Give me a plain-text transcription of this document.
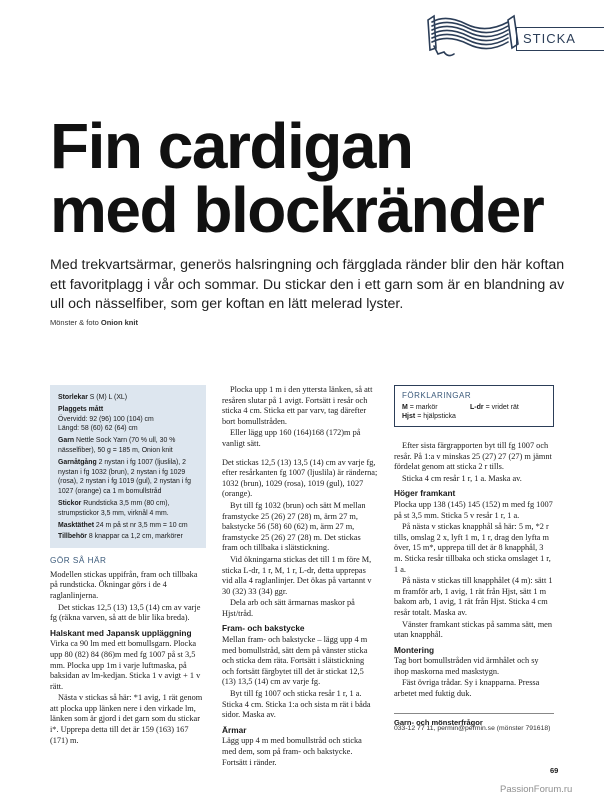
STICKA
Fin cardigan
med blockränder
Med trekvartsärmar, generös halsringning och färgglada ränder blir den här koftan ett favoritplagg i vår och sommar. Du stickar den i ett garn som är en blandning av ull och nässelfiber, som ger koftan en lätt melerad lyster.
Mönster & foto Onion knit
Storlekar S (M) L (XL)
Plaggets mått
Övervidd: 92 (96) 100 (104) cm
Längd: 58 (60) 62 (64) cm
Garn Nettle Sock Yarn (70 % ull, 30 % nässelfiber), 50 g = 185 m, Onion knit
Garnåtgång 2 nystan i fg 1007 (ljuslila), 2 nystan i fg 1032 (brun), 2 nystan i fg 1029 (rosa), 2 nystan i fg 1019 (gul), 2 nystan i fg 1027 (orange) ca 1 m bomullstråd
Stickor Rundsticka 3,5 mm (80 cm), strumpstickor 3,5 mm, virknål 4 mm.
Masktäthet 24 m på st nr 3,5 mm = 10 cm
Tillbehör 8 knappar ca 1,2 cm, markörer
GÖR SÅ HÄR

Modellen stickas uppifrån, fram och tillbaka på rundsticka. Ökningar görs i de 4 raglanlinjerna.

Det stickas 12,5 (13) 13,5 (14) cm av varje fg (räkna varven, så att de blir lika breda).

Halskant med Japansk uppläggning

Virka ca 90 lm med ett bomullsgarn. Plocka upp 80 (82) 84 (86)m med fg 1007 på st 3,5 mm. Plocka upp 1m i varje luftmaska, på baksidan av lm-kedjan. Sticka 1 v avigt + 1 v rätt.

Nästa v stickas så här: *1 avig, 1 rät genom att plocka upp länken nere i den virkade lm, länken som är gjord i det garn som du stickar i*. Upprepa detta till det är 159 (163) 167 (171) m.

Plocka upp 1 m i den yttersta länken, så att resåren slutar på 1 avigt. Fortsätt i resår och sticka 4 cm. Sticka ett par varv, tag därefter bort bomullstråden.

Eller lägg upp 160 (164)168 (172)m på vanligt sätt.

Det stickas 12,5 (13) 13,5 (14) cm av varje fg, efter resårkanten fg 1007 (ljuslila) är ränderna; 1032 (brun), 1029 (rosa), 1019 (gul), 1027 (orange).

Byt till fg 1032 (brun) och sätt M mellan framstycke 25 (26) 27 (28) m, ärm 27 m, bakstycke 56 (58) 60 (62) m, ärm 27 m, framstycke 25 (26) 27 (28) m. Det stickas fram och tillbaka i slätstickning.

Vid ökningarna stickas det till 1 m före M, sticka L-dr, 1 r, M, 1 r, L-dr, detta upprepas vid alla 4 raglanlinjer. Det ökas på vartannt v 30 (32) 33 (34) ggr.

Dela arb och sätt ärmarnas maskor på Hjst/tråd.

Fram- och bakstycke

Mellan fram- och bakstycke – lägg upp 4 m med bomullstråd, sätt dem på vänster sticka och sticka dem räta. Fortsätt i slätstickning och fortsätt färgbytet till det är stickat 12,5 (13) 13,5 (14) cm av varje fg.

Byt till fg 1007 och sticka resår 1 r, 1 a. Sticka 4 cm. Sticka 1:a och sista m rät i båda sidor. Maska av.

Ärmar

Lägg upp 4 m med bomullstråd och sticka med dem, som på fram- och bakstycke. Fortsätt i ränder.

FÖRKLARINGAR
M = markör	L-dr = vridet rät
Hjst = hjälpsticka

Efter sista färgrapporten byt till fg 1007 och resår. På 1:a v minskas 25 (27) 27 (27) m jämnt fördelat genom att sticka 2 r tills.

Sticka 4 cm resår 1 r, 1 a. Maska av.

Höger framkant

Plocka upp 138 (145) 145 (152) m med fg 1007 på st 3,5 mm. Sticka 5 v resår 1 r, 1 a.

På nästa v stickas knapphål så här: 5 m, *2 r tills, omslag 2 x, lyft 1 m, 1 r, drag den lyfta m över, 15 m*, upprepa till det är 8 knapphål, 3 m. Sticka resår tillbaka och sticka omslaget 1 r, 1 a.

På nästa v stickas till knapphålet (4 m): sätt 1 m framför arb, 1 avig, 1 rät från Hjst, sätt 1 m bakom arb, 1 avig, 1 rät från Hjst. Sticka 4 cm resår totalt. Maska av.

Vänster framkant stickas på samma sätt, men utan knapphål.

Montering

Tag bort bomullstråden vid ärmhålet och sy ihop maskorna med maskstygn.

Fäst övriga trådar. Sy i knapparna. Pressa arbetet med fuktig duk.

Garn- och mönsterfrågor
033-12 77 11, permin@permin.se (mönster 791618)
69
PassionForum.ru
